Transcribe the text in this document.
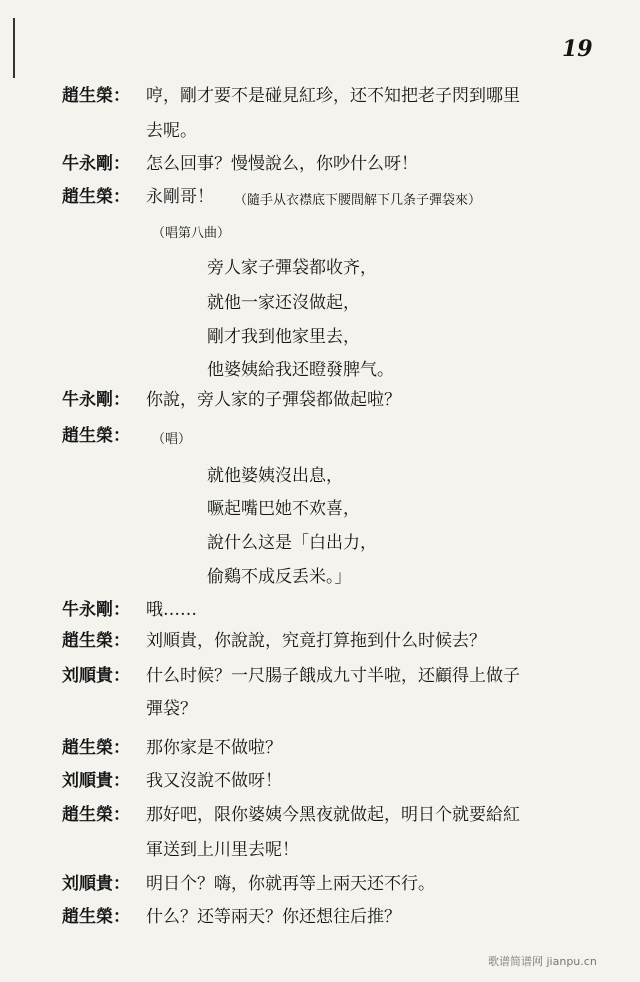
19
趙生榮： 哼，剛才要不是碰見紅珍，还不知把老子閃到哪里
去呢。
牛永剛： 怎么回事？慢慢說么，你吵什么呀！
趙生榮： 永剛哥！ （隨手从衣襟底下腰間解下几条子彈袋來）
（唱第八曲）
旁人家子彈袋都收齐，
就他一家还沒做起，
剛才我到他家里去，
他婆姨給我还瞪發脾气。
牛永剛： 你說，旁人家的子彈袋都做起啦？
趙生榮： （唱）
就他婆姨沒出息，
噘起嘴巴她不欢喜，
說什么这是「白出力，
偷鷄不成反丢米。」
牛永剛： 哦……
趙生榮： 刘順貴，你說說，究竟打算拖到什么时候去？
刘順貴： 什么时候？一尺腸子餓成九寸半啦，还顧得上做子
彈袋？
趙生榮： 那你家是不做啦？
刘順貴： 我又沒說不做呀！
趙生榮： 那好吧，限你婆姨今黑夜就做起，明日个就要給紅
軍送到上川里去呢！
刘順貴： 明日个？嗨，你就再等上兩天还不行。
趙生榮： 什么？还等兩天？你还想往后推？
歌谱简谱网 jianpu.cn
